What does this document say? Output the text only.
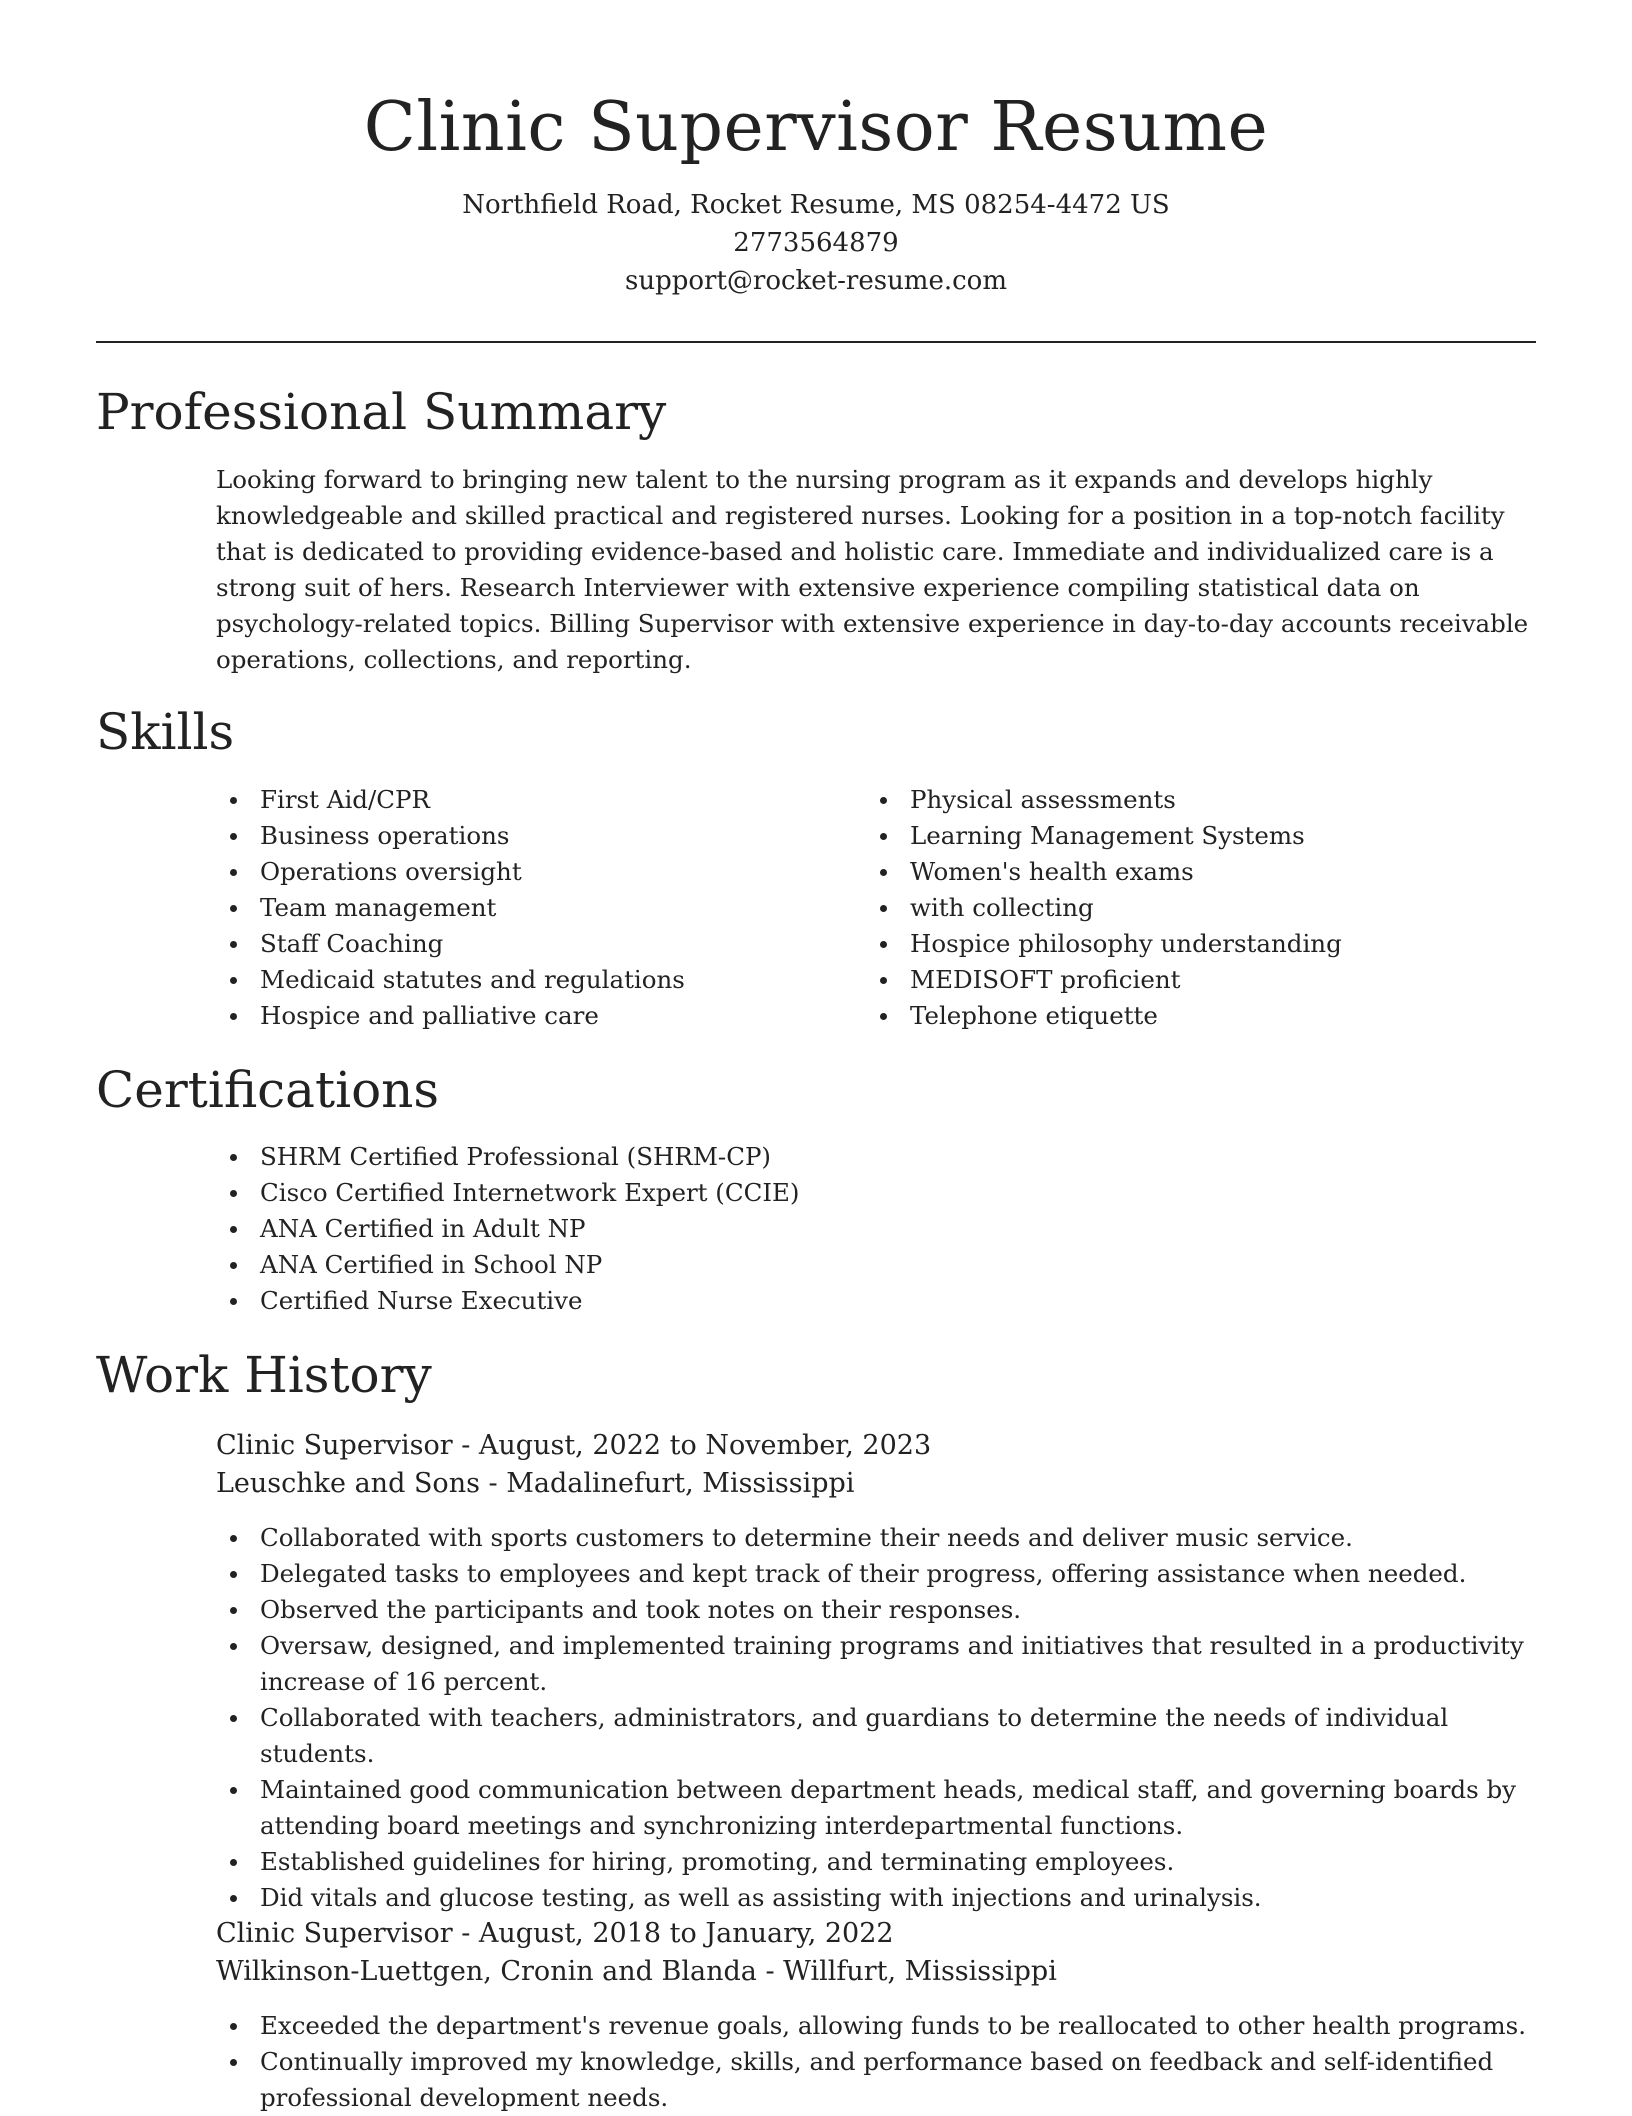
Clinic Supervisor Resume
Northfield Road, Rocket Resume, MS 08254-4472 US
2773564879
support@rocket-resume.com
Professional Summary
Looking forward to bringing new talent to the nursing program as it expands and develops highly knowledgeable and skilled practical and registered nurses. Looking for a position in a top-notch facility that is dedicated to providing evidence-based and holistic care. Immediate and individualized care is a strong suit of hers. Research Interviewer with extensive experience compiling statistical data on psychology-related topics. Billing Supervisor with extensive experience in day-to-day accounts receivable operations, collections, and reporting.
Skills
First Aid/CPR
Business operations
Operations oversight
Team management
Staff Coaching
Medicaid statutes and regulations
Hospice and palliative care
Physical assessments
Learning Management Systems
Women's health exams
with collecting
Hospice philosophy understanding
MEDISOFT proficient
Telephone etiquette
Certifications
SHRM Certified Professional (SHRM-CP)
Cisco Certified Internetwork Expert (CCIE)
ANA Certified in Adult NP
ANA Certified in School NP
Certified Nurse Executive
Work History
Clinic Supervisor - August, 2022 to November, 2023
Leuschke and Sons - Madalinefurt, Mississippi
Collaborated with sports customers to determine their needs and deliver music service.
Delegated tasks to employees and kept track of their progress, offering assistance when needed.
Observed the participants and took notes on their responses.
Oversaw, designed, and implemented training programs and initiatives that resulted in a productivity increase of 16 percent.
Collaborated with teachers, administrators, and guardians to determine the needs of individual students.
Maintained good communication between department heads, medical staff, and governing boards by attending board meetings and synchronizing interdepartmental functions.
Established guidelines for hiring, promoting, and terminating employees.
Did vitals and glucose testing, as well as assisting with injections and urinalysis.
Clinic Supervisor - August, 2018 to January, 2022
Wilkinson-Luettgen, Cronin and Blanda - Willfurt, Mississippi
Exceeded the department's revenue goals, allowing funds to be reallocated to other health programs.
Continually improved my knowledge, skills, and performance based on feedback and self-identified professional development needs.
